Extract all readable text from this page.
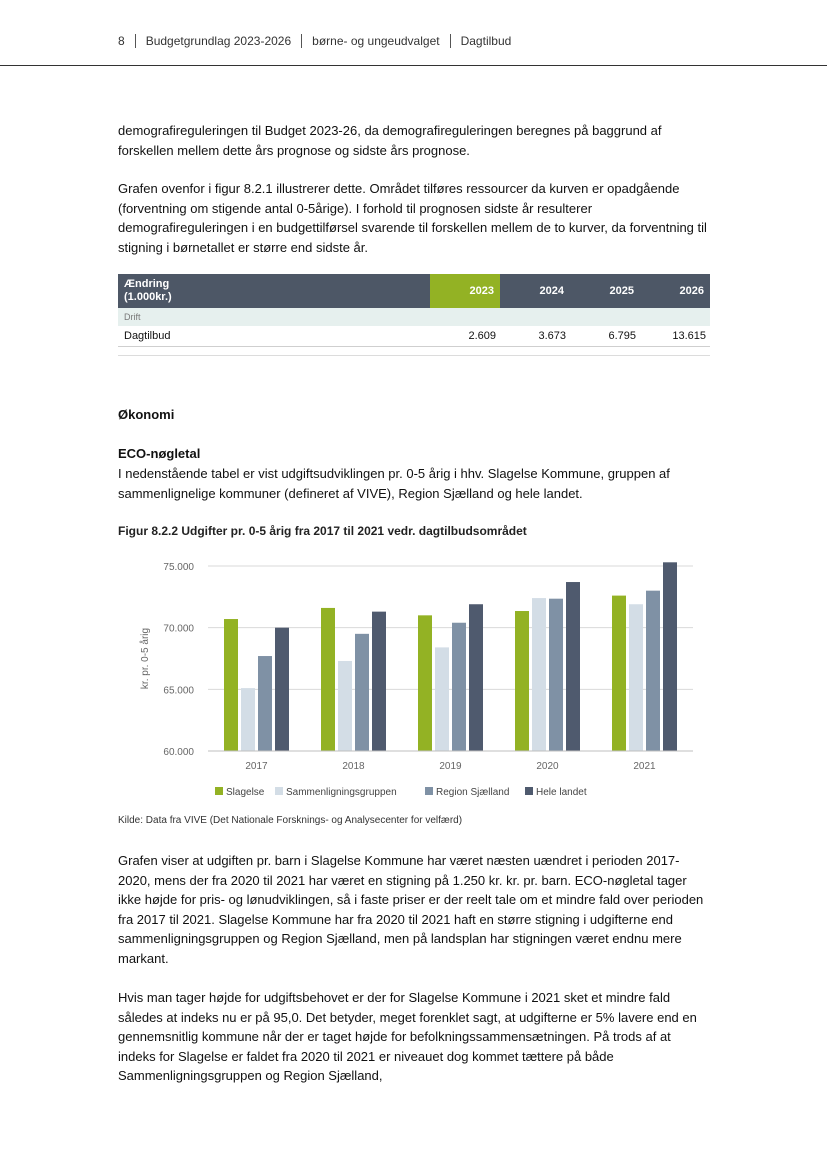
8 Budgetgrundlag 2023-2026 børne- og ungeudvalget Dagtilbud

demografireguleringen til Budget 2023-26, da demografireguleringen beregnes på baggrund af forskellen mellem dette års prognose og sidste års prognose.

Grafen ovenfor i figur 8.2.1 illustrerer dette. Området tilføres ressourcer da kurven er opadgående (forventning om stigende antal 0-5årige). I forhold til prognosen sidste år resulterer demografireguleringen i en budgettilførsel svarende til forskellen mellem de to kurver, da forventning til stigning i børnetallet er større end sidste år.

Ændring
(1.000kr.)	2023	2024	2025	2026
Drift				
Dagtilbud	2.609	3.673	6.795	13.615

Økonomi
ECO-nøgletal

I nedenstående tabel er vist udgiftsudviklingen pr. 0-5 årig i hhv. Slagelse Kommune, gruppen af sammenlignelige kommuner (defineret af VIVE), Region Sjælland og hele landet.

Figur 8.2.2 Udgifter pr. 0-5 årig fra 2017 til 2021 vedr. dagtilbudsområdet
60.000
65.000
70.000
75.000
kr. pr. 0-5 årig
2017	2018	2019	2020	2021
Slagelse Sammenligningsgruppen	Region Sjælland	Hele landet
Kilde: Data fra VIVE (Det Nationale Forsknings- og Analysecenter for velfærd)

Grafen viser at udgiften pr. barn i Slagelse Kommune har været næsten uændret i perioden 2017-2020, mens der fra 2020 til 2021 har været en stigning på 1.250 kr. kr. pr. barn. ECO-nøgletal tager ikke højde for pris- og lønudviklingen, så i faste priser er der reelt tale om et mindre fald over perioden fra 2017 til 2021. Slagelse Kommune har fra 2020 til 2021 haft en større stigning i udgifterne end sammenligningsgruppen og Region Sjælland, men på landsplan har stigningen været endnu mere markant.

Hvis man tager højde for udgiftsbehovet er der for Slagelse Kommune i 2021 sket et mindre fald således at indeks nu er på 95,0. Det betyder, meget forenklet sagt, at udgifterne er 5% lavere end en gennemsnitlig kommune når der er taget højde for befolkningssammensætningen. På trods af at indeks for Slagelse er faldet fra 2020 til 2021 er niveauet dog kommet tættere på både Sammenligningsgruppen og Region Sjælland,
